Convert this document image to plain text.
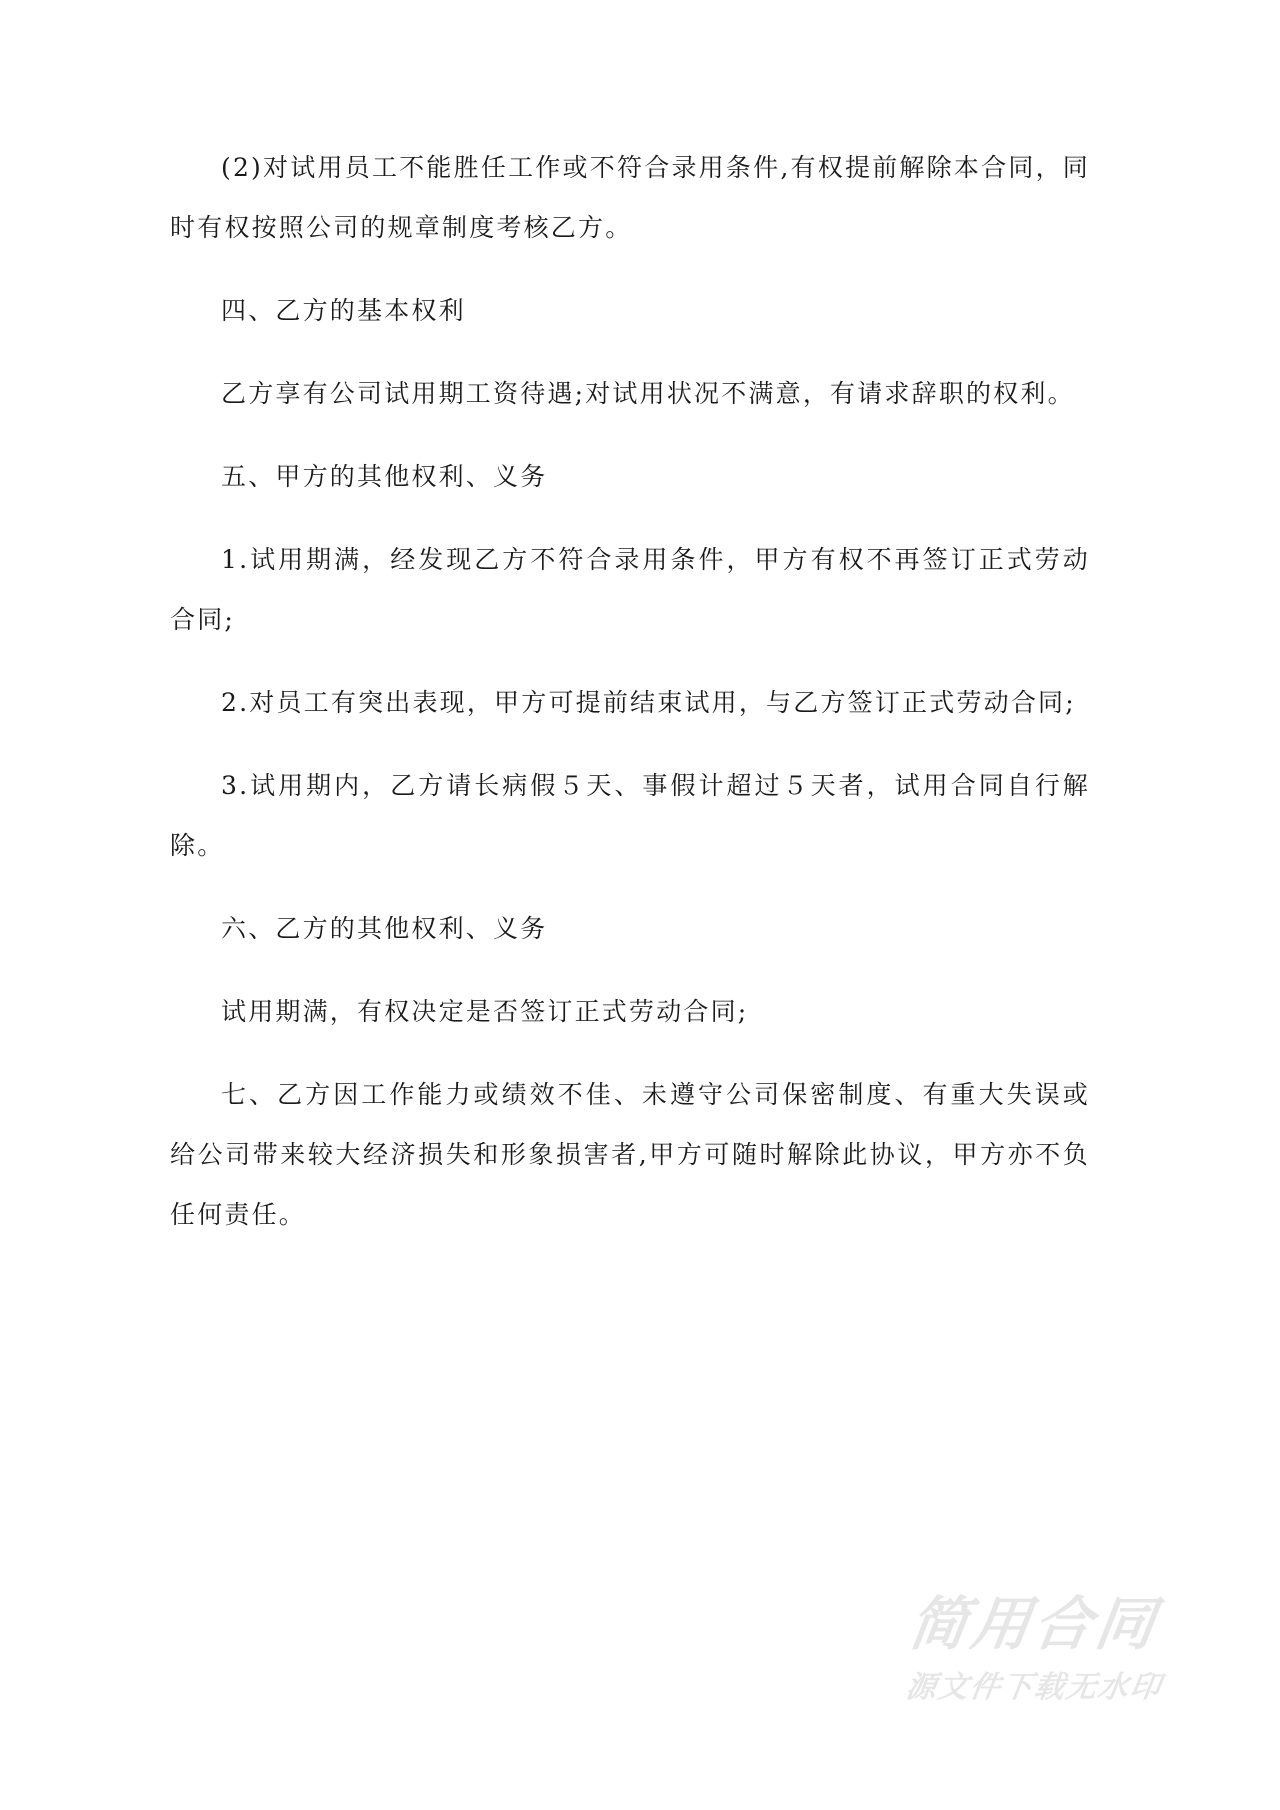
(2)对试用员工不能胜任工作或不符合录用条件,有权提前解除本合同，同时有权按照公司的规章制度考核乙方。

四、乙方的基本权利

乙方享有公司试用期工资待遇;对试用状况不满意，有请求辞职的权利。

五、甲方的其他权利、义务

1.试用期满，经发现乙方不符合录用条件，甲方有权不再签订正式劳动合同;

2.对员工有突出表现，甲方可提前结束试用，与乙方签订正式劳动合同;

3.试用期内，乙方请长病假５天、事假计超过５天者，试用合同自行解除。

六、乙方的其他权利、义务

试用期满，有权决定是否签订正式劳动合同;

七、乙方因工作能力或绩效不佳、未遵守公司保密制度、有重大失误或给公司带来较大经济损失和形象损害者,甲方可随时解除此协议，甲方亦不负任何责任。

简用合同
源文件下载无水印
